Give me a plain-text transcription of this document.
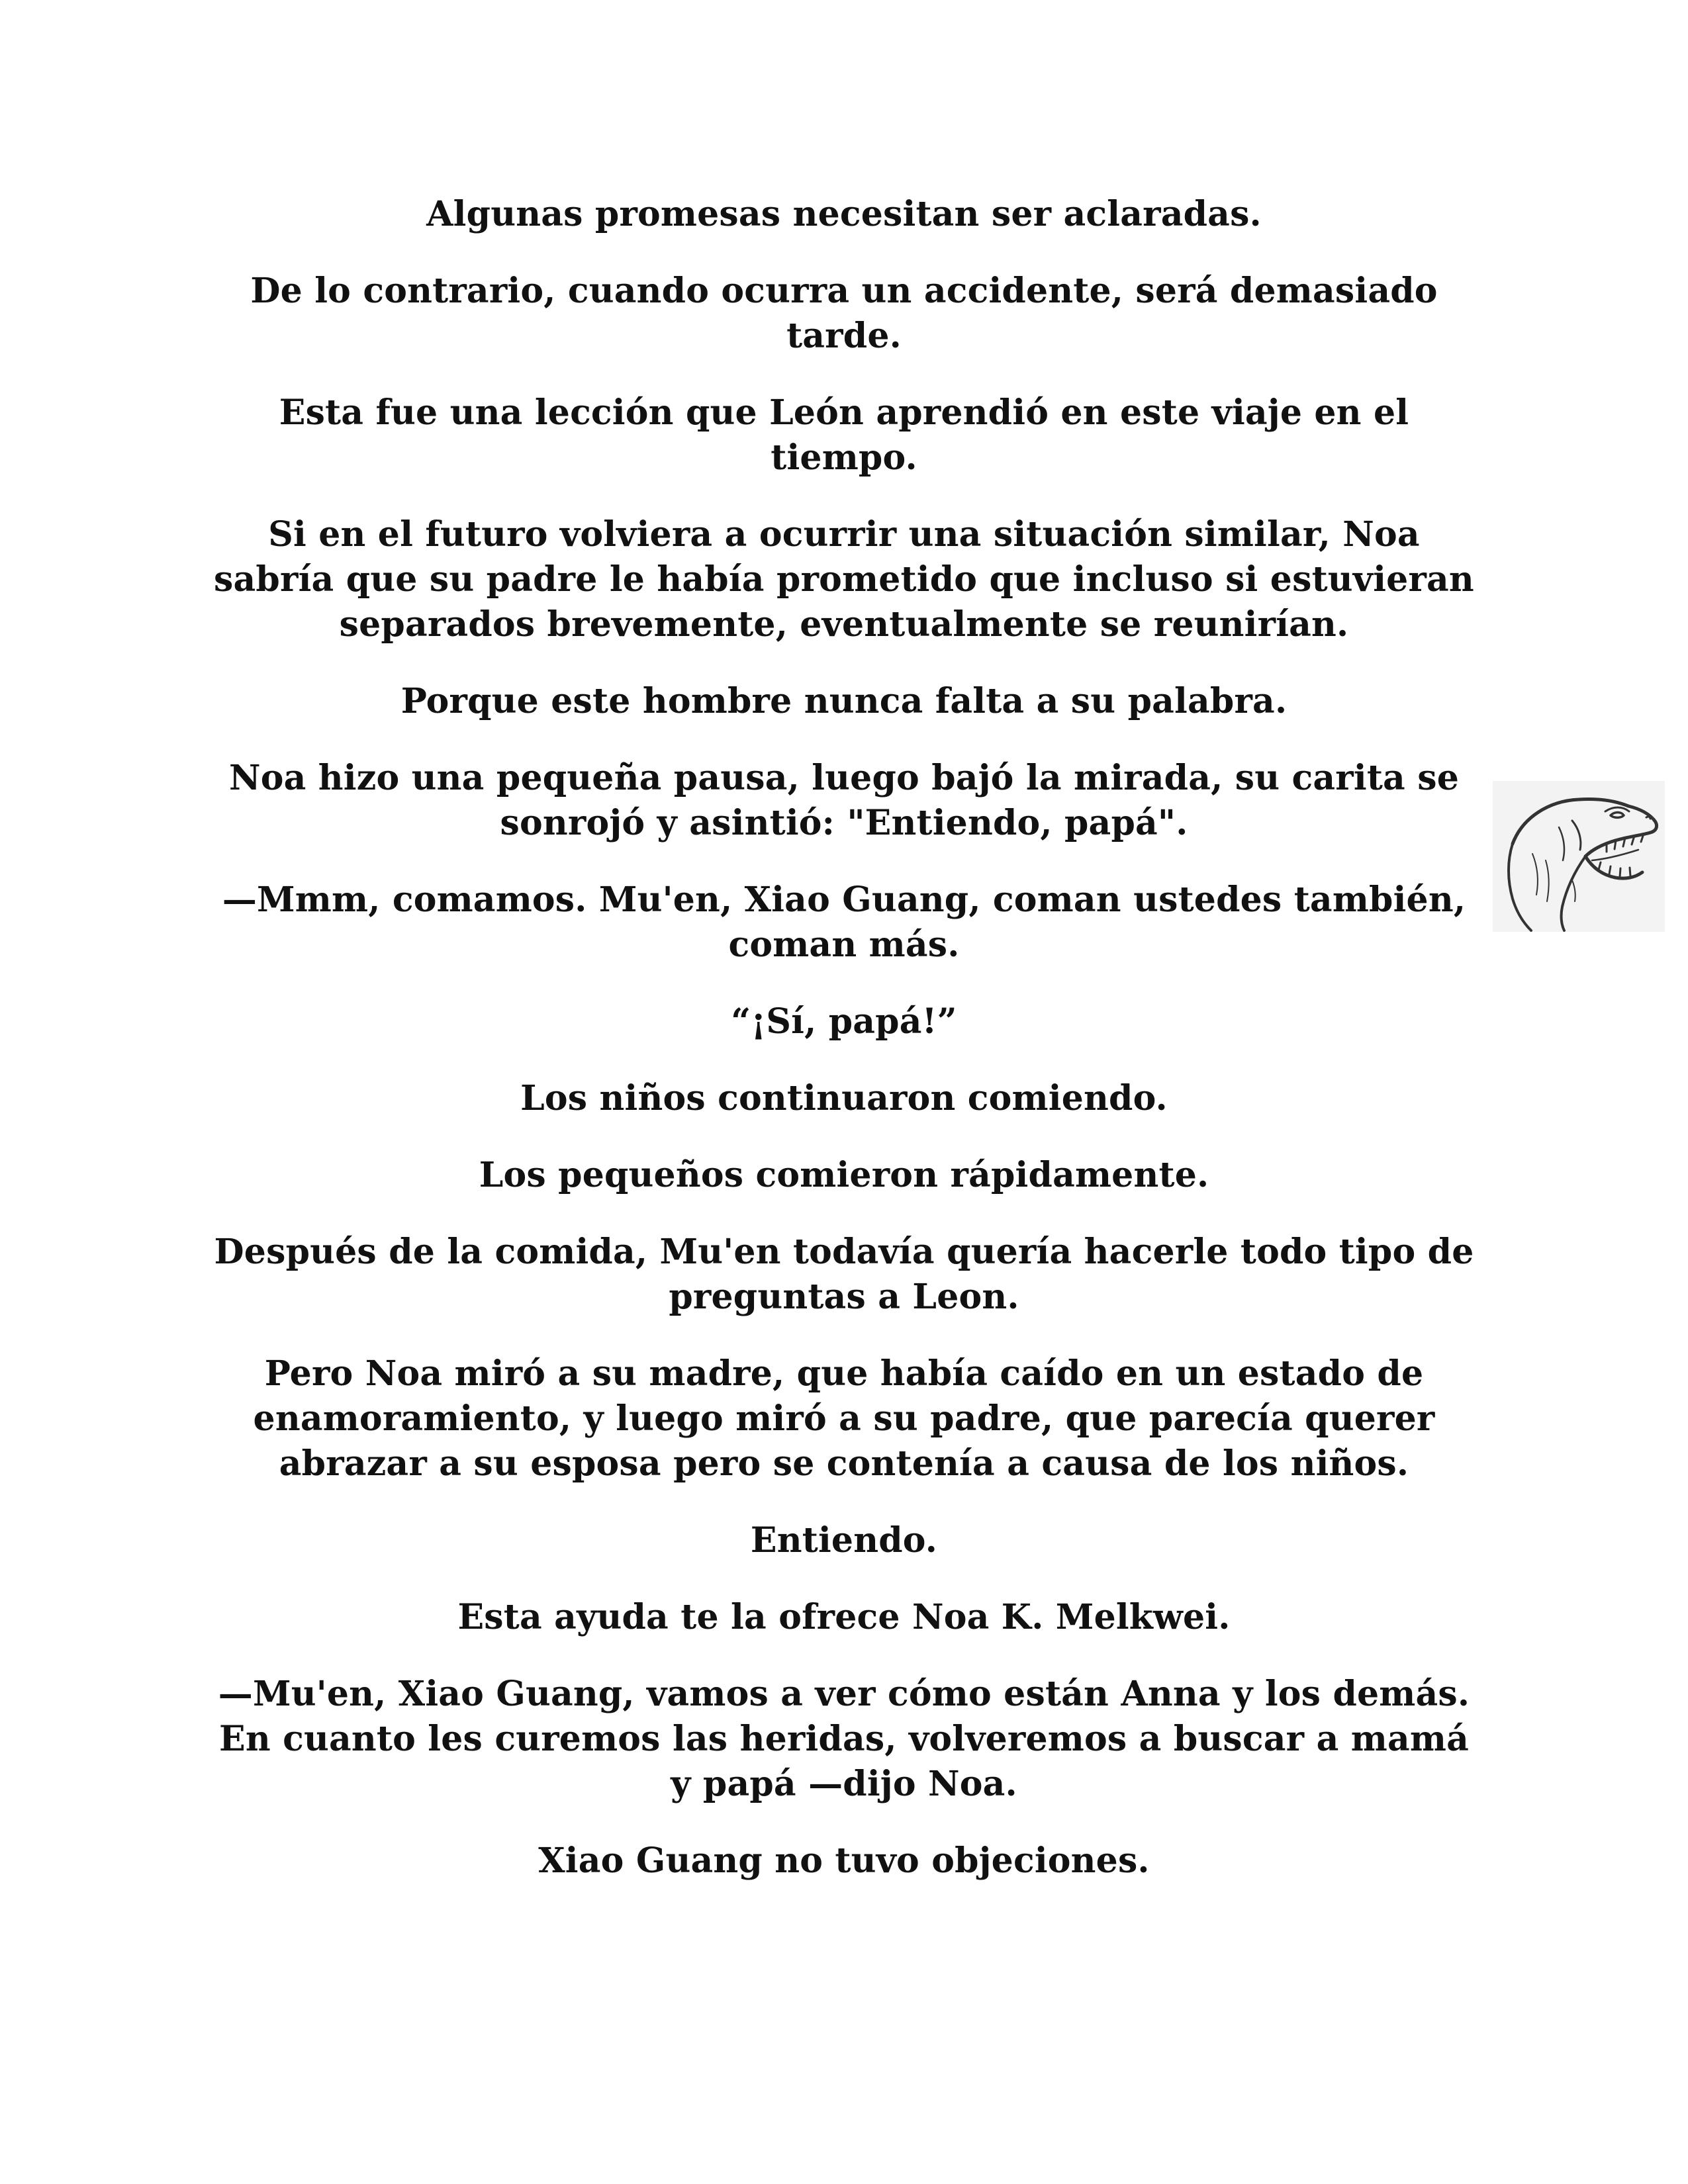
Algunas promesas necesitan ser aclaradas.

De lo contrario, cuando ocurra un accidente, será demasiado tarde.

Esta fue una lección que León aprendió en este viaje en el tiempo.

Si en el futuro volviera a ocurrir una situación similar, Noa sabría que su padre le había prometido que incluso si estuvieran separados brevemente, eventualmente se reunirían.

Porque este hombre nunca falta a su palabra.

Noa hizo una pequeña pausa, luego bajó la mirada, su carita se sonrojó y asintió: "Entiendo, papá".

—Mmm, comamos. Mu'en, Xiao Guang, coman ustedes también, coman más.

“¡Sí, papá!”

Los niños continuaron comiendo.

Los pequeños comieron rápidamente.

Después de la comida, Mu'en todavía quería hacerle todo tipo de preguntas a Leon.

Pero Noa miró a su madre, que había caído en un estado de enamoramiento, y luego miró a su padre, que parecía querer abrazar a su esposa pero se contenía a causa de los niños.

Entiendo.

Esta ayuda te la ofrece Noa K. Melkwei.

—Mu'en, Xiao Guang, vamos a ver cómo están Anna y los demás. En cuanto les curemos las heridas, volveremos a buscar a mamá y papá —dijo Noa.

Xiao Guang no tuvo objeciones.
